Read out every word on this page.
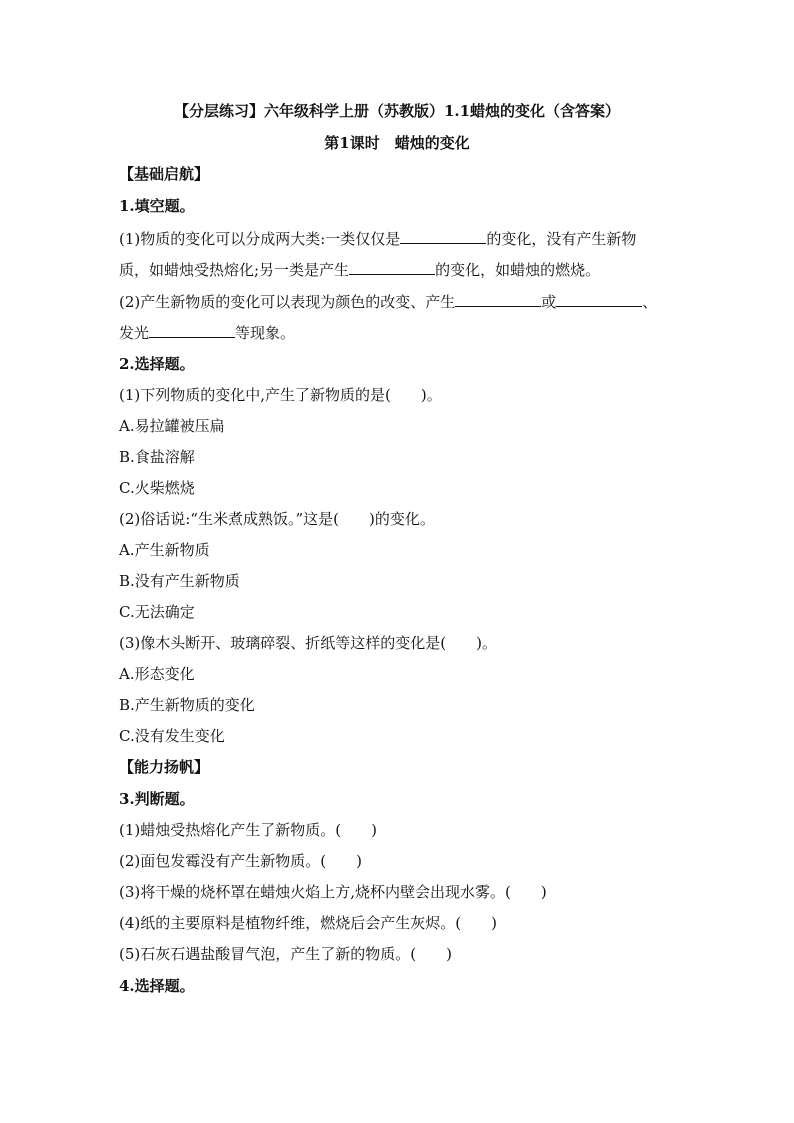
【分层练习】六年级科学上册（苏教版）1.1蜡烛的变化（含答案）
第1课时　蜡烛的变化
【基础启航】
1.填空题。
(1)物质的变化可以分成两大类:一类仅仅是	的变化，没有产生新物
质，如蜡烛受热熔化;另一类是产生	的变化，如蜡烛的燃烧。
(2)产生新物质的变化可以表现为颜色的改变、产生	或	、
发光	等现象。
2.选择题。
(1)下列物质的变化中,产生了新物质的是(　　)。
A.易拉罐被压扁
B.食盐溶解
C.火柴燃烧
(2)俗话说:“生米煮成熟饭。”这是(　　)的变化。
A.产生新物质
B.没有产生新物质
C.无法确定
(3)像木头断开、玻璃碎裂、折纸等这样的变化是(　　)。
A.形态变化
B.产生新物质的变化
C.没有发生变化
【能力扬帆】
3.判断题。
(1)蜡烛受热熔化产生了新物质。(　　)
(2)面包发霉没有产生新物质。(　　)
(3)将干燥的烧杯罩在蜡烛火焰上方,烧杯内壁会出现水雾。(　　)
(4)纸的主要原料是植物纤维，燃烧后会产生灰烬。(　　)
(5)石灰石遇盐酸冒气泡，产生了新的物质。(　　)
4.选择题。
